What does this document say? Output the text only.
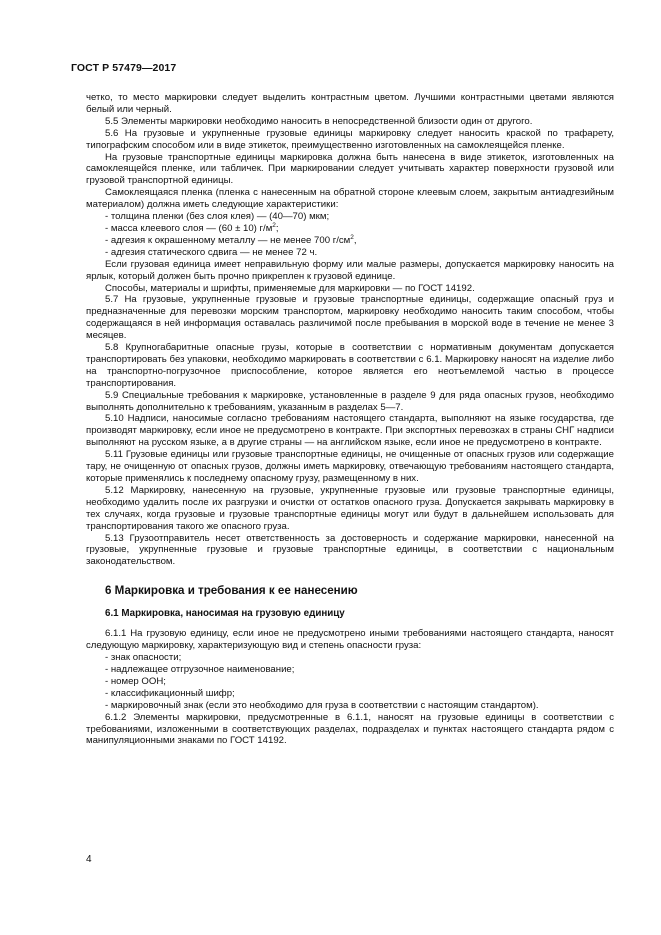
ГОСТ Р 57479—2017

четко, то место маркировки следует выделить контрастным цветом. Лучшими контрастными цветами являются белый или черный.

5.5 Элементы маркировки необходимо наносить в непосредственной близости один от другого.

5.6 На грузовые и укрупненные грузовые единицы маркировку следует наносить краской по трафарету, типографским способом или в виде этикеток, преимущественно изготовленных на самоклеящейся пленке.

На грузовые транспортные единицы маркировка должна быть нанесена в виде этикеток, изготовленных на самоклеящейся пленке, или табличек. При маркировании следует учитывать характер поверхности грузовой или грузовой транспортной единицы.

Самоклеящаяся пленка (пленка с нанесенным на обратной стороне клеевым слоем, закрытым антиадгезийным материалом) должна иметь следующие характеристики:

- толщина пленки (без слоя клея) — (40—70) мкм;

- масса клеевого слоя — (60 ± 10) $г/м^2$;

- адгезия к окрашенному металлу — не менее 700 $г/см^2$,

- адгезия статического сдвига — не менее 72 ч.

Если грузовая единица имеет неправильную форму или малые размеры, допускается маркировку наносить на ярлык, который должен быть прочно прикреплен к грузовой единице.

Способы, материалы и шрифты, применяемые для маркировки — по ГОСТ 14192.

5.7 На грузовые, укрупненные грузовые и грузовые транспортные единицы, содержащие опасный груз и предназначенные для перевозки морским транспортом, маркировку необходимо наносить таким способом, чтобы содержащаяся в ней информация оставалась различимой после пребывания в морской воде в течение не менее 3 месяцев.

5.8 Крупногабаритные опасные грузы, которые в соответствии с нормативным документам допускается транспортировать без упаковки, необходимо маркировать в соответствии с 6.1. Маркировку наносят на изделие либо на транспортно-погрузочное приспособление, которое является его неотъемлемой частью в процессе транспортирования.

5.9 Специальные требования к маркировке, установленные в разделе 9 для ряда опасных грузов, необходимо выполнять дополнительно к требованиям, указанным в разделах 5—7.

5.10 Надписи, наносимые согласно требованиям настоящего стандарта, выполняют на языке государства, где производят маркировку, если иное не предусмотрено в контракте. При экспортных перевозках в страны СНГ надписи выполняют на русском языке, а в другие страны — на английском языке, если иное не предусмотрено в контракте.

5.11 Грузовые единицы или грузовые транспортные единицы, не очищенные от опасных грузов или содержащие тару, не очищенную от опасных грузов, должны иметь маркировку, отвечающую требованиям настоящего стандарта, которые применялись к последнему опасному грузу, размещенному в них.

5.12 Маркировку, нанесенную на грузовые, укрупненные грузовые или грузовые транспортные единицы, необходимо удалить после их разгрузки и очистки от остатков опасного груза. Допускается закрывать маркировку в тех случаях, когда грузовые и грузовые транспортные единицы могут или будут в дальнейшем использовать для транспортирования такого же опасного груза.

5.13 Грузоотправитель несет ответственность за достоверность и содержание маркировки, нанесенной на грузовые, укрупненные грузовые и грузовые транспортные единицы, в соответствии с национальным законодательством.

6 Маркировка и требования к ее нанесению
6.1 Маркировка, наносимая на грузовую единицу

6.1.1 На грузовую единицу, если иное не предусмотрено иными требованиями настоящего стандарта, наносят следующую маркировку, характеризующую вид и степень опасности груза:

- знак опасности;

- надлежащее отгрузочное наименование;

- номер ООН;

- классификационный шифр;

- маркировочный знак (если это необходимо для груза в соответствии с настоящим стандартом).

6.1.2 Элементы маркировки, предусмотренные в 6.1.1, наносят на грузовые единицы в соответствии с требованиями, изложенными в соответствующих разделах, подразделах и пунктах настоящего стандарта рядом с манипуляционными знаками по ГОСТ 14192.

4
